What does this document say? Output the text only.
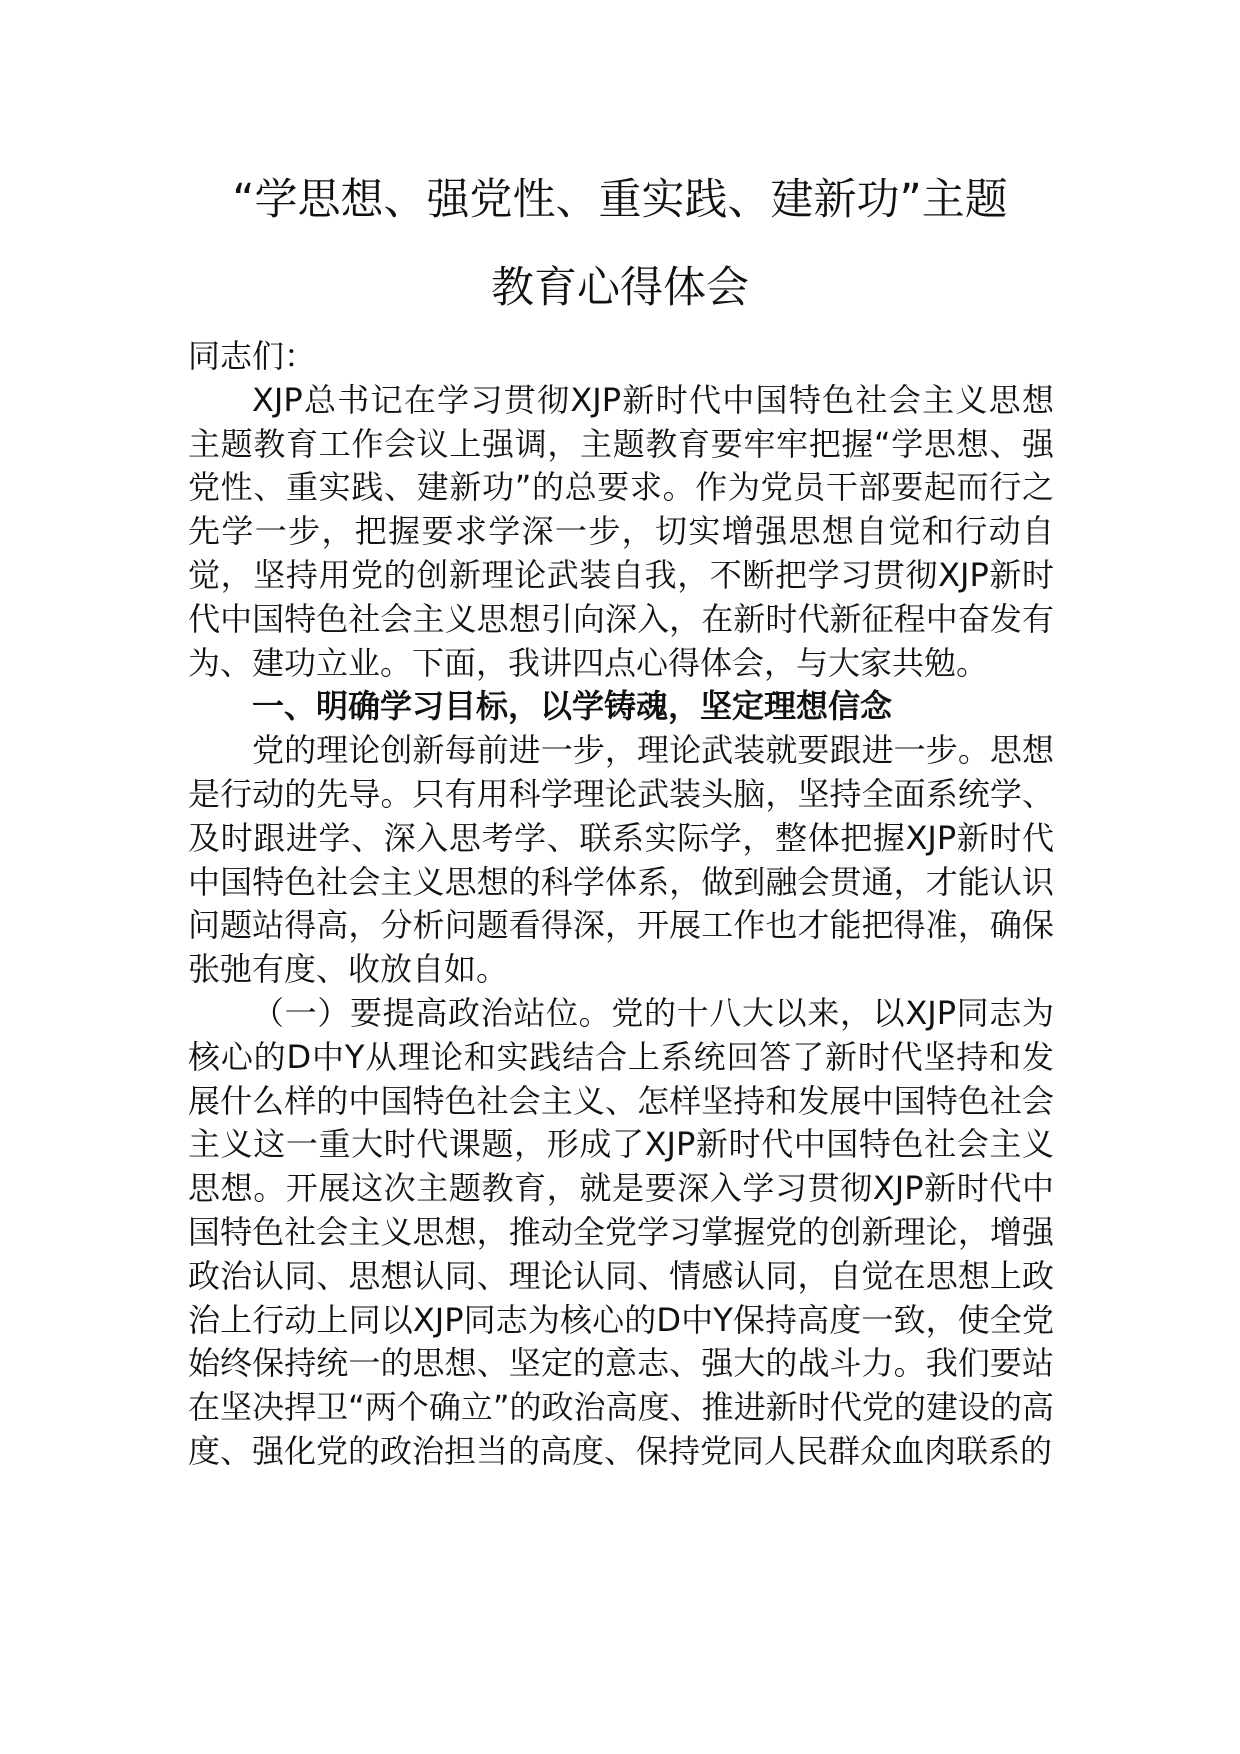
“学思想、强党性、重实践、建新功”主题
教育心得体会

同志们：

XJP总书记在学习贯彻XJP新时代中国特色社会主义思想主题教育工作会议上强调，主题教育要牢牢把握“学思想、强党性、重实践、建新功”的总要求。作为党员干部要起而行之先学一步，把握要求学深一步，切实增强思想自觉和行动自觉，坚持用党的创新理论武装自我，不断把学习贯彻XJP新时代中国特色社会主义思想引向深入，在新时代新征程中奋发有为、建功立业。下面，我讲四点心得体会，与大家共勉。

一、明确学习目标，以学铸魂，坚定理想信念

党的理论创新每前进一步，理论武装就要跟进一步。思想是行动的先导。只有用科学理论武装头脑，坚持全面系统学、及时跟进学、深入思考学、联系实际学，整体把握XJP新时代中国特色社会主义思想的科学体系，做到融会贯通，才能认识问题站得高，分析问题看得深，开展工作也才能把得准，确保张弛有度、收放自如。

（一）要提高政治站位。党的十八大以来，以XJP同志为核心的D中Y从理论和实践结合上系统回答了新时代坚持和发展什么样的中国特色社会主义、怎样坚持和发展中国特色社会主义这一重大时代课题，形成了XJP新时代中国特色社会主义思想。开展这次主题教育，就是要深入学习贯彻XJP新时代中国特色社会主义思想，推动全党学习掌握党的创新理论，增强政治认同、思想认同、理论认同、情感认同，自觉在思想上政治上行动上同以XJP同志为核心的D中Y保持高度一致，使全党始终保持统一的思想、坚定的意志、强大的战斗力。我们要站在坚决捍卫“两个确立”的政治高度、推进新时代党的建设的高度、强化党的政治担当的高度、保持党同人民群众血肉联系的
